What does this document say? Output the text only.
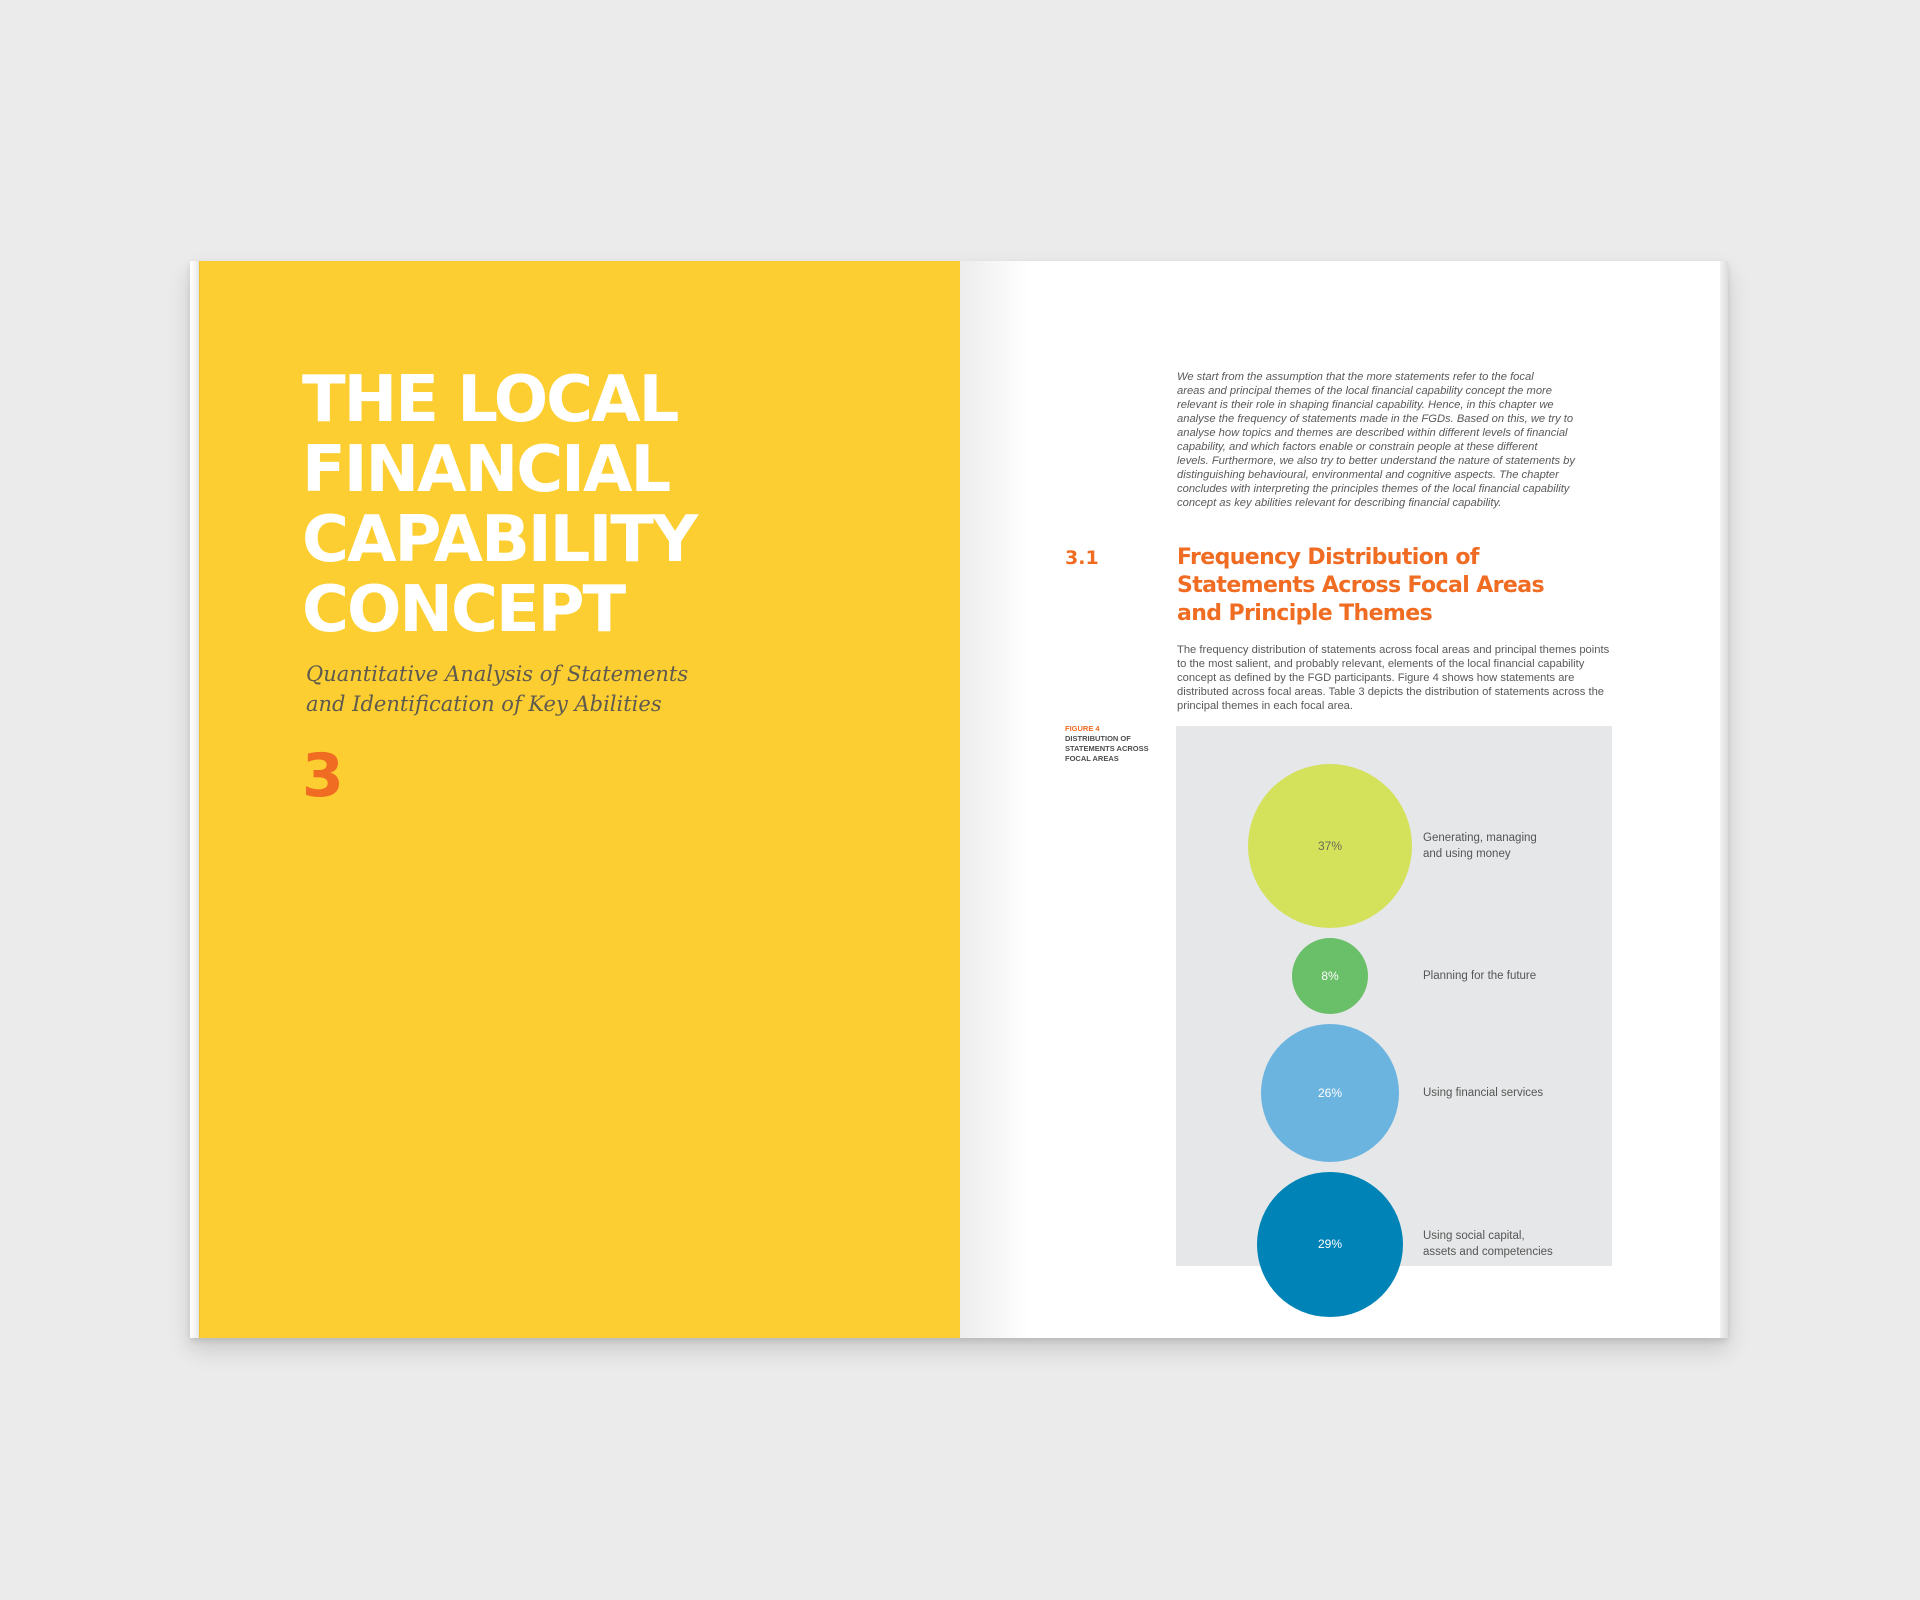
THE LOCAL
FINANCIAL
CAPABILITY
CONCEPT
Quantitative Analysis of Statements
and Identification of Key Abilities
3
We start from the assumption that the more statements refer to the focal
areas and principal themes of the local financial capability concept the more
relevant is their role in shaping financial capability. Hence, in this chapter we
analyse the frequency of statements made in the FGDs. Based on this, we try to
analyse how topics and themes are described within different levels of financial
capability, and which factors enable or constrain people at these different
levels. Furthermore, we also try to better understand the nature of statements by
distinguishing behavioural, environmental and cognitive aspects. The chapter
concludes with interpreting the principles themes of the local financial capability
concept as key abilities relevant for describing financial capability.
3.1	Frequency Distribution of
Statements Across Focal Areas
and Principle Themes
The frequency distribution of statements across focal areas and principal themes points
to the most salient, and probably relevant, elements of the local financial capability
concept as defined by the FGD participants. Figure 4 shows how statements are
distributed across focal areas. Table 3 depicts the distribution of statements across the
principal themes in each focal area.
FIGURE 4
DISTRIBUTION OF
STATEMENTS ACROSS
FOCAL AREAS
37%
Generating, managing
and using money
8%	Planning for the future
26%	Using financial services
29%
Using social capital,
assets and competencies
